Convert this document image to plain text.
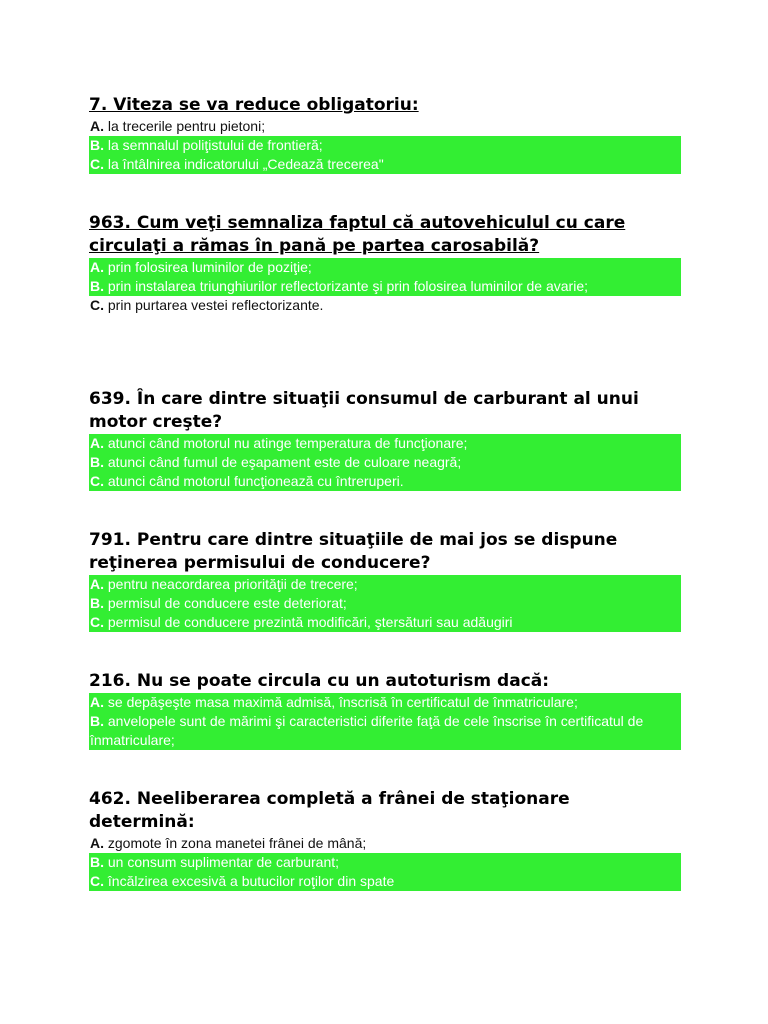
7. Viteza se va reduce obligatoriu:
A. la trecerile pentru pietoni;
B. la semnalul poliţistului de frontieră;
C. la întâlnirea indicatorului „Cedează trecerea"
963. Cum veţi semnaliza faptul că autovehiculul cu care circulaţi a rămas în pană pe partea carosabilă?
A. prin folosirea luminilor de poziţie;
B. prin instalarea triunghiurilor reflectorizante şi prin folosirea luminilor de avarie;
C. prin purtarea vestei reflectorizante.
639. În care dintre situaţii consumul de carburant al unui motor creşte?
A. atunci când motorul nu atinge temperatura de funcţionare;
B. atunci când fumul de eşapament este de culoare neagră;
C. atunci când motorul funcţionează cu întreruperi.
791. Pentru care dintre situaţiile de mai jos se dispune reţinerea permisului de conducere?
A. pentru neacordarea priorităţii de trecere;
B. permisul de conducere este deteriorat;
C. permisul de conducere prezintă modificări, ştersături sau adăugiri
216. Nu se poate circula cu un autoturism dacă:
A. se depăşeşte masa maximă admisă, înscrisă în certificatul de înmatriculare;
B. anvelopele sunt de mărimi şi caracteristici diferite faţă de cele înscrise în certificatul de înmatriculare;
462. Neeliberarea completă a frânei de staţionare determină:
A. zgomote în zona manetei frânei de mână;
B. un consum suplimentar de carburant;
C. încălzirea excesivă a butucilor roţilor din spate
